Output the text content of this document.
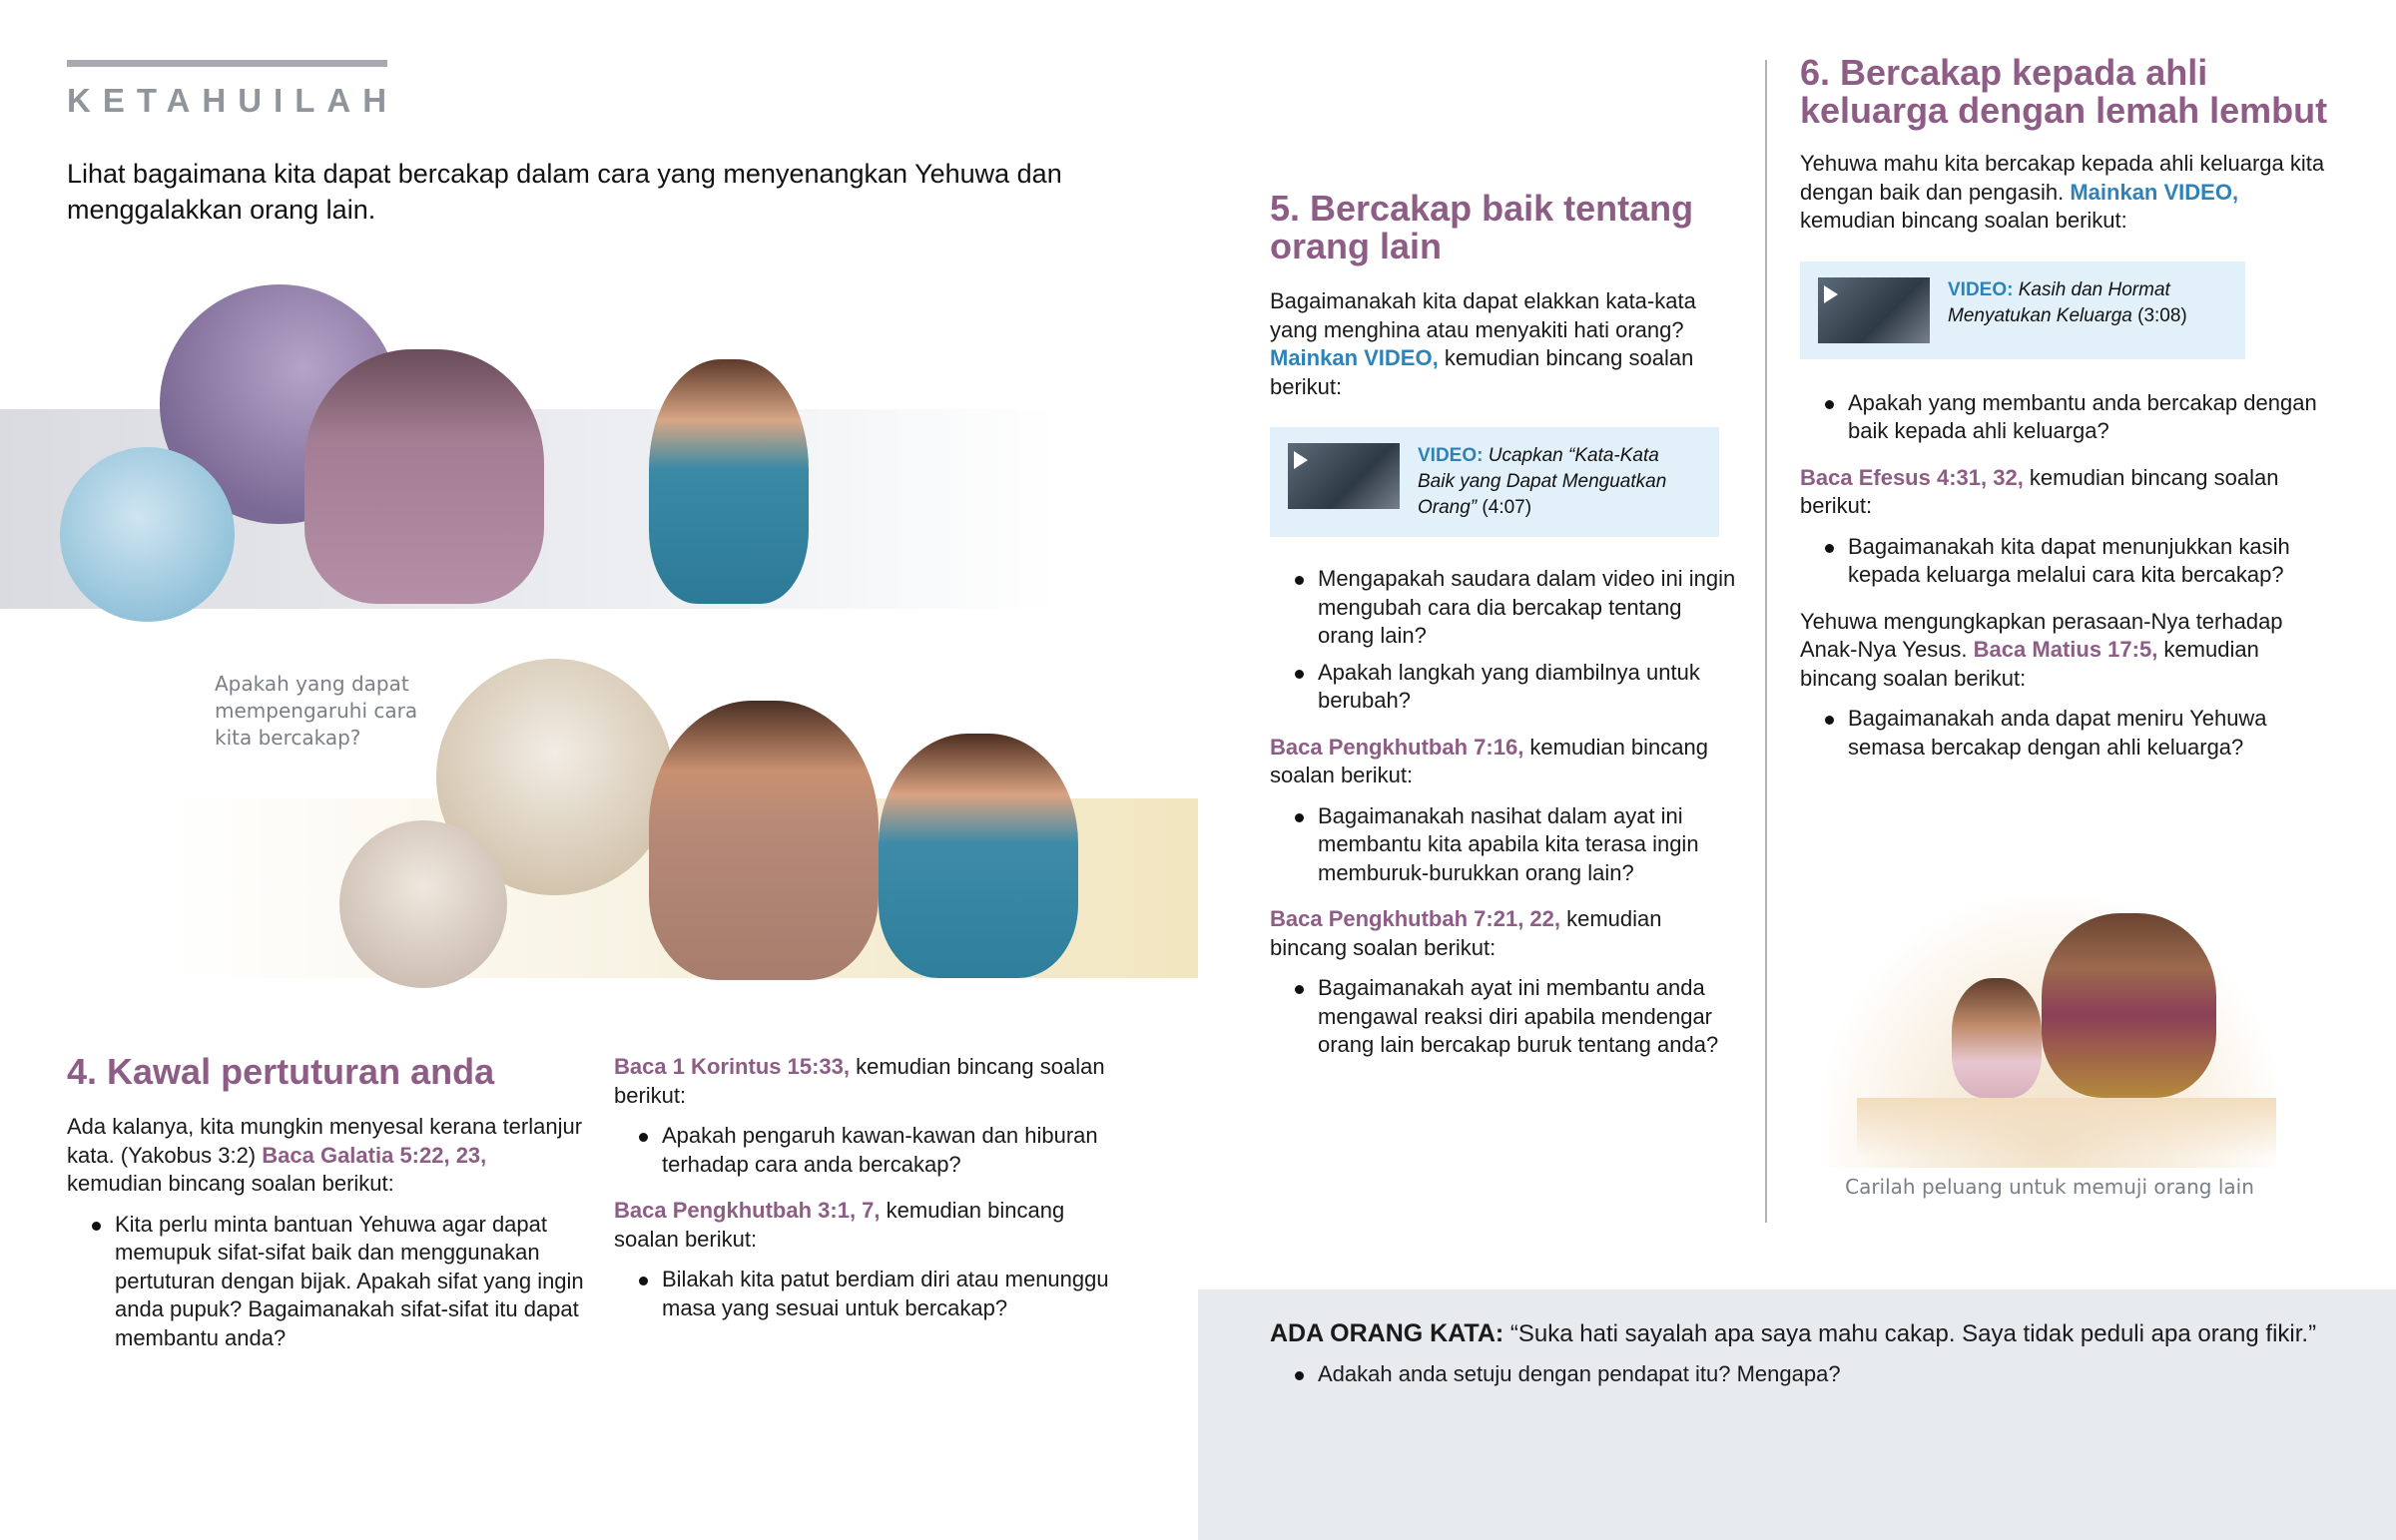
KETAHUILAH
Lihat bagaimana kita dapat bercakap dalam cara yang menyenangkan Yehuwa dan menggalakkan orang lain.
Apakah yang dapat mempengaruhi cara kita bercakap?
4. Kawal pertuturan anda

Ada kalanya, kita mungkin menyesal kerana terlanjur kata. (Yakobus 3:2) Baca Galatia 5:22, 23, kemudian bincang soalan berikut:

Kita perlu minta bantuan Yehuwa agar dapat memupuk sifat-sifat baik dan menggunakan pertuturan dengan bijak. Apakah sifat yang ingin anda pupuk? Bagaimanakah sifat-sifat itu dapat membantu anda?

Baca 1 Korintus 15:33, kemudian bincang soalan berikut:

Apakah pengaruh kawan-kawan dan hiburan terhadap cara anda bercakap?

Baca Pengkhutbah 3:1, 7, kemudian bincang soalan berikut:

Bilakah kita patut berdiam diri atau menunggu masa yang sesuai untuk bercakap?
5. Bercakap baik tentang orang lain

Bagaimanakah kita dapat elakkan kata-kata yang menghina atau menyakiti hati orang? Mainkan VIDEO, kemudian bincang soalan berikut:

VIDEO: Ucapkan “Kata-Kata Baik yang Dapat Menguatkan Orang” (4:07)
Mengapakah saudara dalam video ini ingin mengubah cara dia bercakap tentang orang lain?
Apakah langkah yang diambilnya untuk berubah?

Baca Pengkhutbah 7:16, kemudian bincang soalan berikut:

Bagaimanakah nasihat dalam ayat ini membantu kita apabila kita terasa ingin memburuk-burukkan orang lain?

Baca Pengkhutbah 7:21, 22, kemudian bincang soalan berikut:

Bagaimanakah ayat ini membantu anda mengawal reaksi diri apabila mendengar orang lain bercakap buruk tentang anda?
6. Bercakap kepada ahli keluarga dengan lemah lembut

Yehuwa mahu kita bercakap kepada ahli keluarga kita dengan baik dan pengasih. Mainkan VIDEO, kemudian bincang soalan berikut:

VIDEO: Kasih dan Hormat Menyatukan Keluarga (3:08)
Apakah yang membantu anda bercakap dengan baik kepada ahli keluarga?

Baca Efesus 4:31, 32, kemudian bincang soalan berikut:

Bagaimanakah kita dapat menunjukkan kasih kepada keluarga melalui cara kita bercakap?

Yehuwa mengungkapkan perasaan-Nya terhadap Anak-Nya Yesus. Baca Matius 17:5, kemudian bincang soalan berikut:

Bagaimanakah anda dapat meniru Yehuwa semasa bercakap dengan ahli keluarga?
Carilah peluang untuk memuji orang lain

ADA ORANG KATA: “Suka hati sayalah apa saya mahu cakap. Saya tidak peduli apa orang fikir.”

Adakah anda setuju dengan pendapat itu? Mengapa?
